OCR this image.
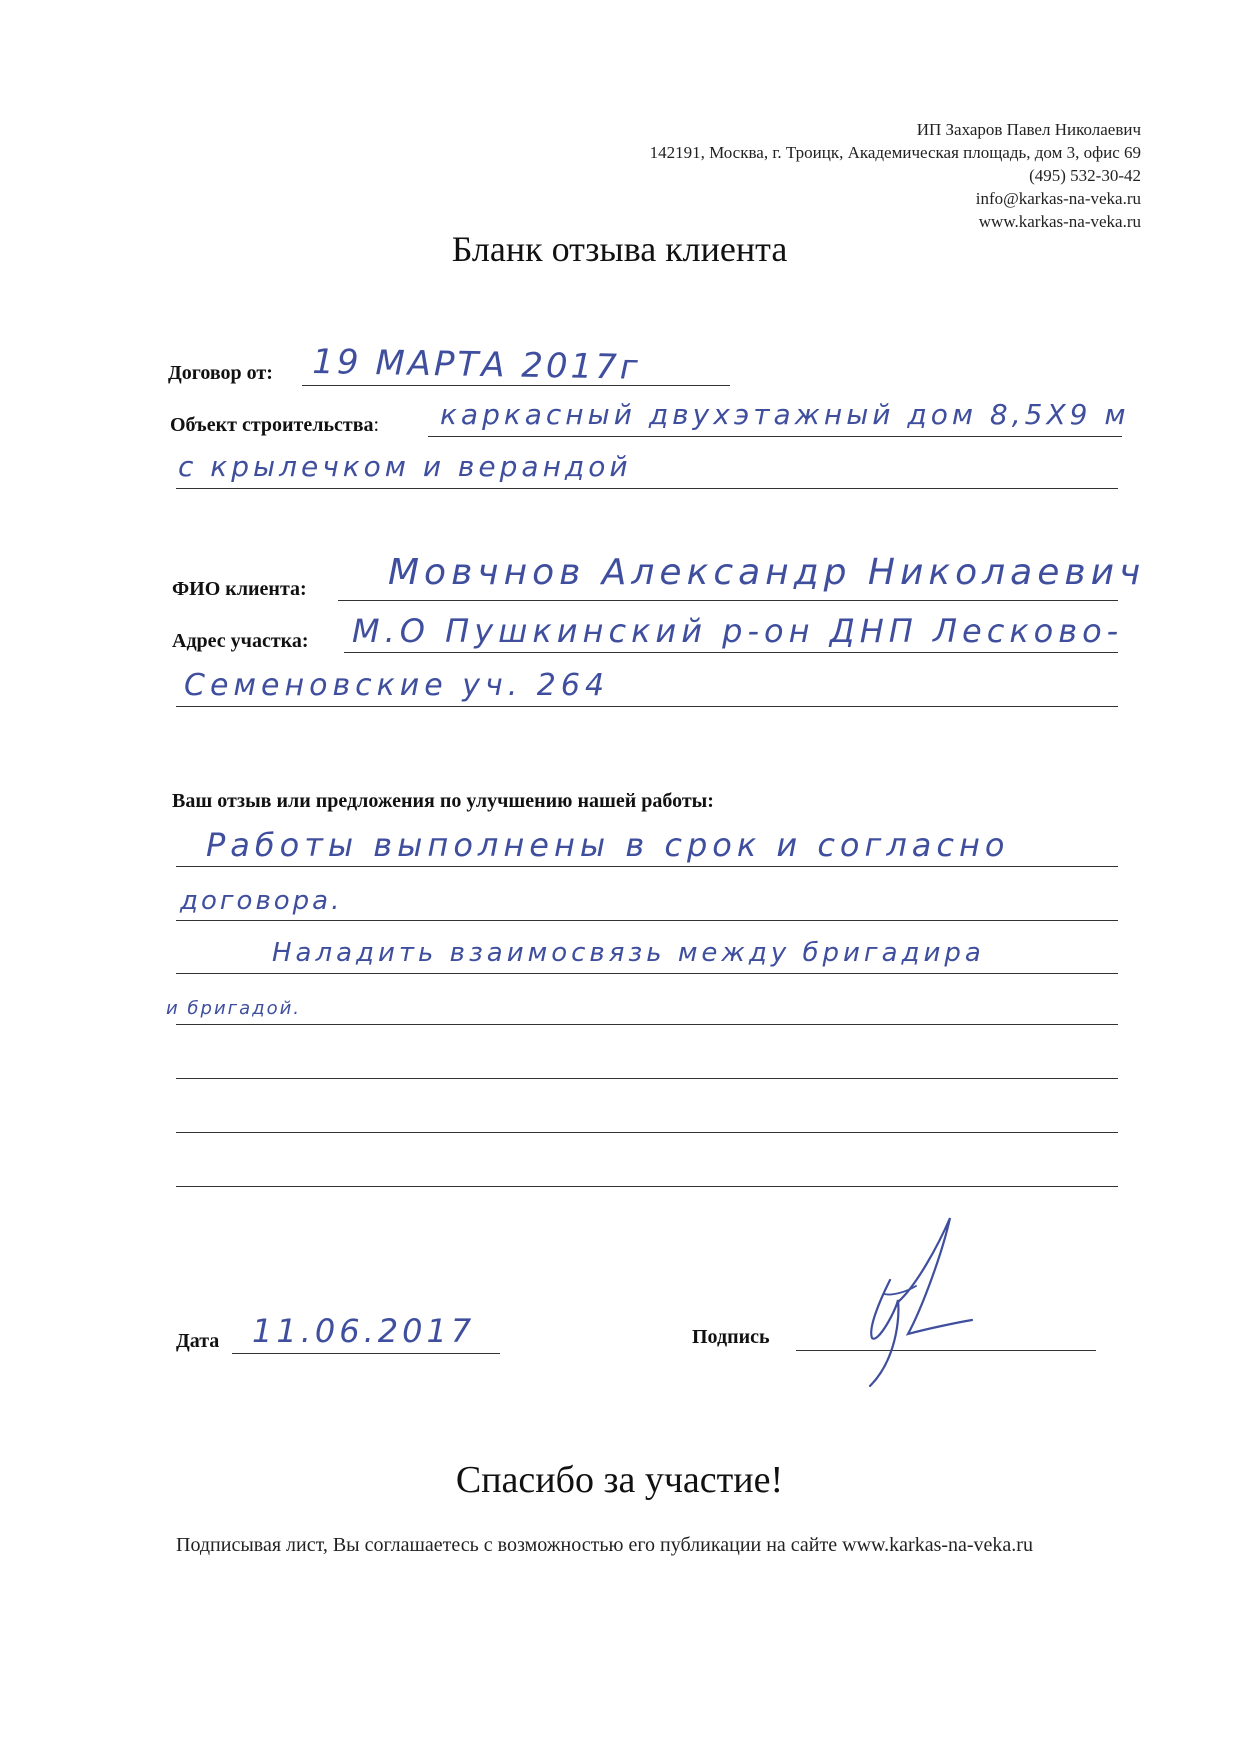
ИП Захаров Павел Николаевич
142191, Москва, г. Троицк, Академическая площадь, дом 3, офис 69
(495) 532-30-42
info@karkas-na-veka.ru
www.karkas-na-veka.ru
Бланк отзыва клиента
Договор от: 19 МАРТА 2017г
Объект строительства: каркасный двухэтажный дом 8,5Х9 м
с крылечком и верандой
ФИО клиента: Мовчнов Александр Николаевич
Адрес участка: М.О Пушкинский р-он ДНП Лесково-
Семеновские уч. 264
Ваш отзыв или предложения по улучшению нашей работы:
Работы выполнены в срок и согласно
договора.
Наладить взаимосвязь между бригадира
и бригадой.
Дата 11.06.2017	Подпись
Спасибо за участие!
Подписывая лист, Вы соглашаетесь с возможностью его публикации на сайте www.karkas-na-veka.ru
